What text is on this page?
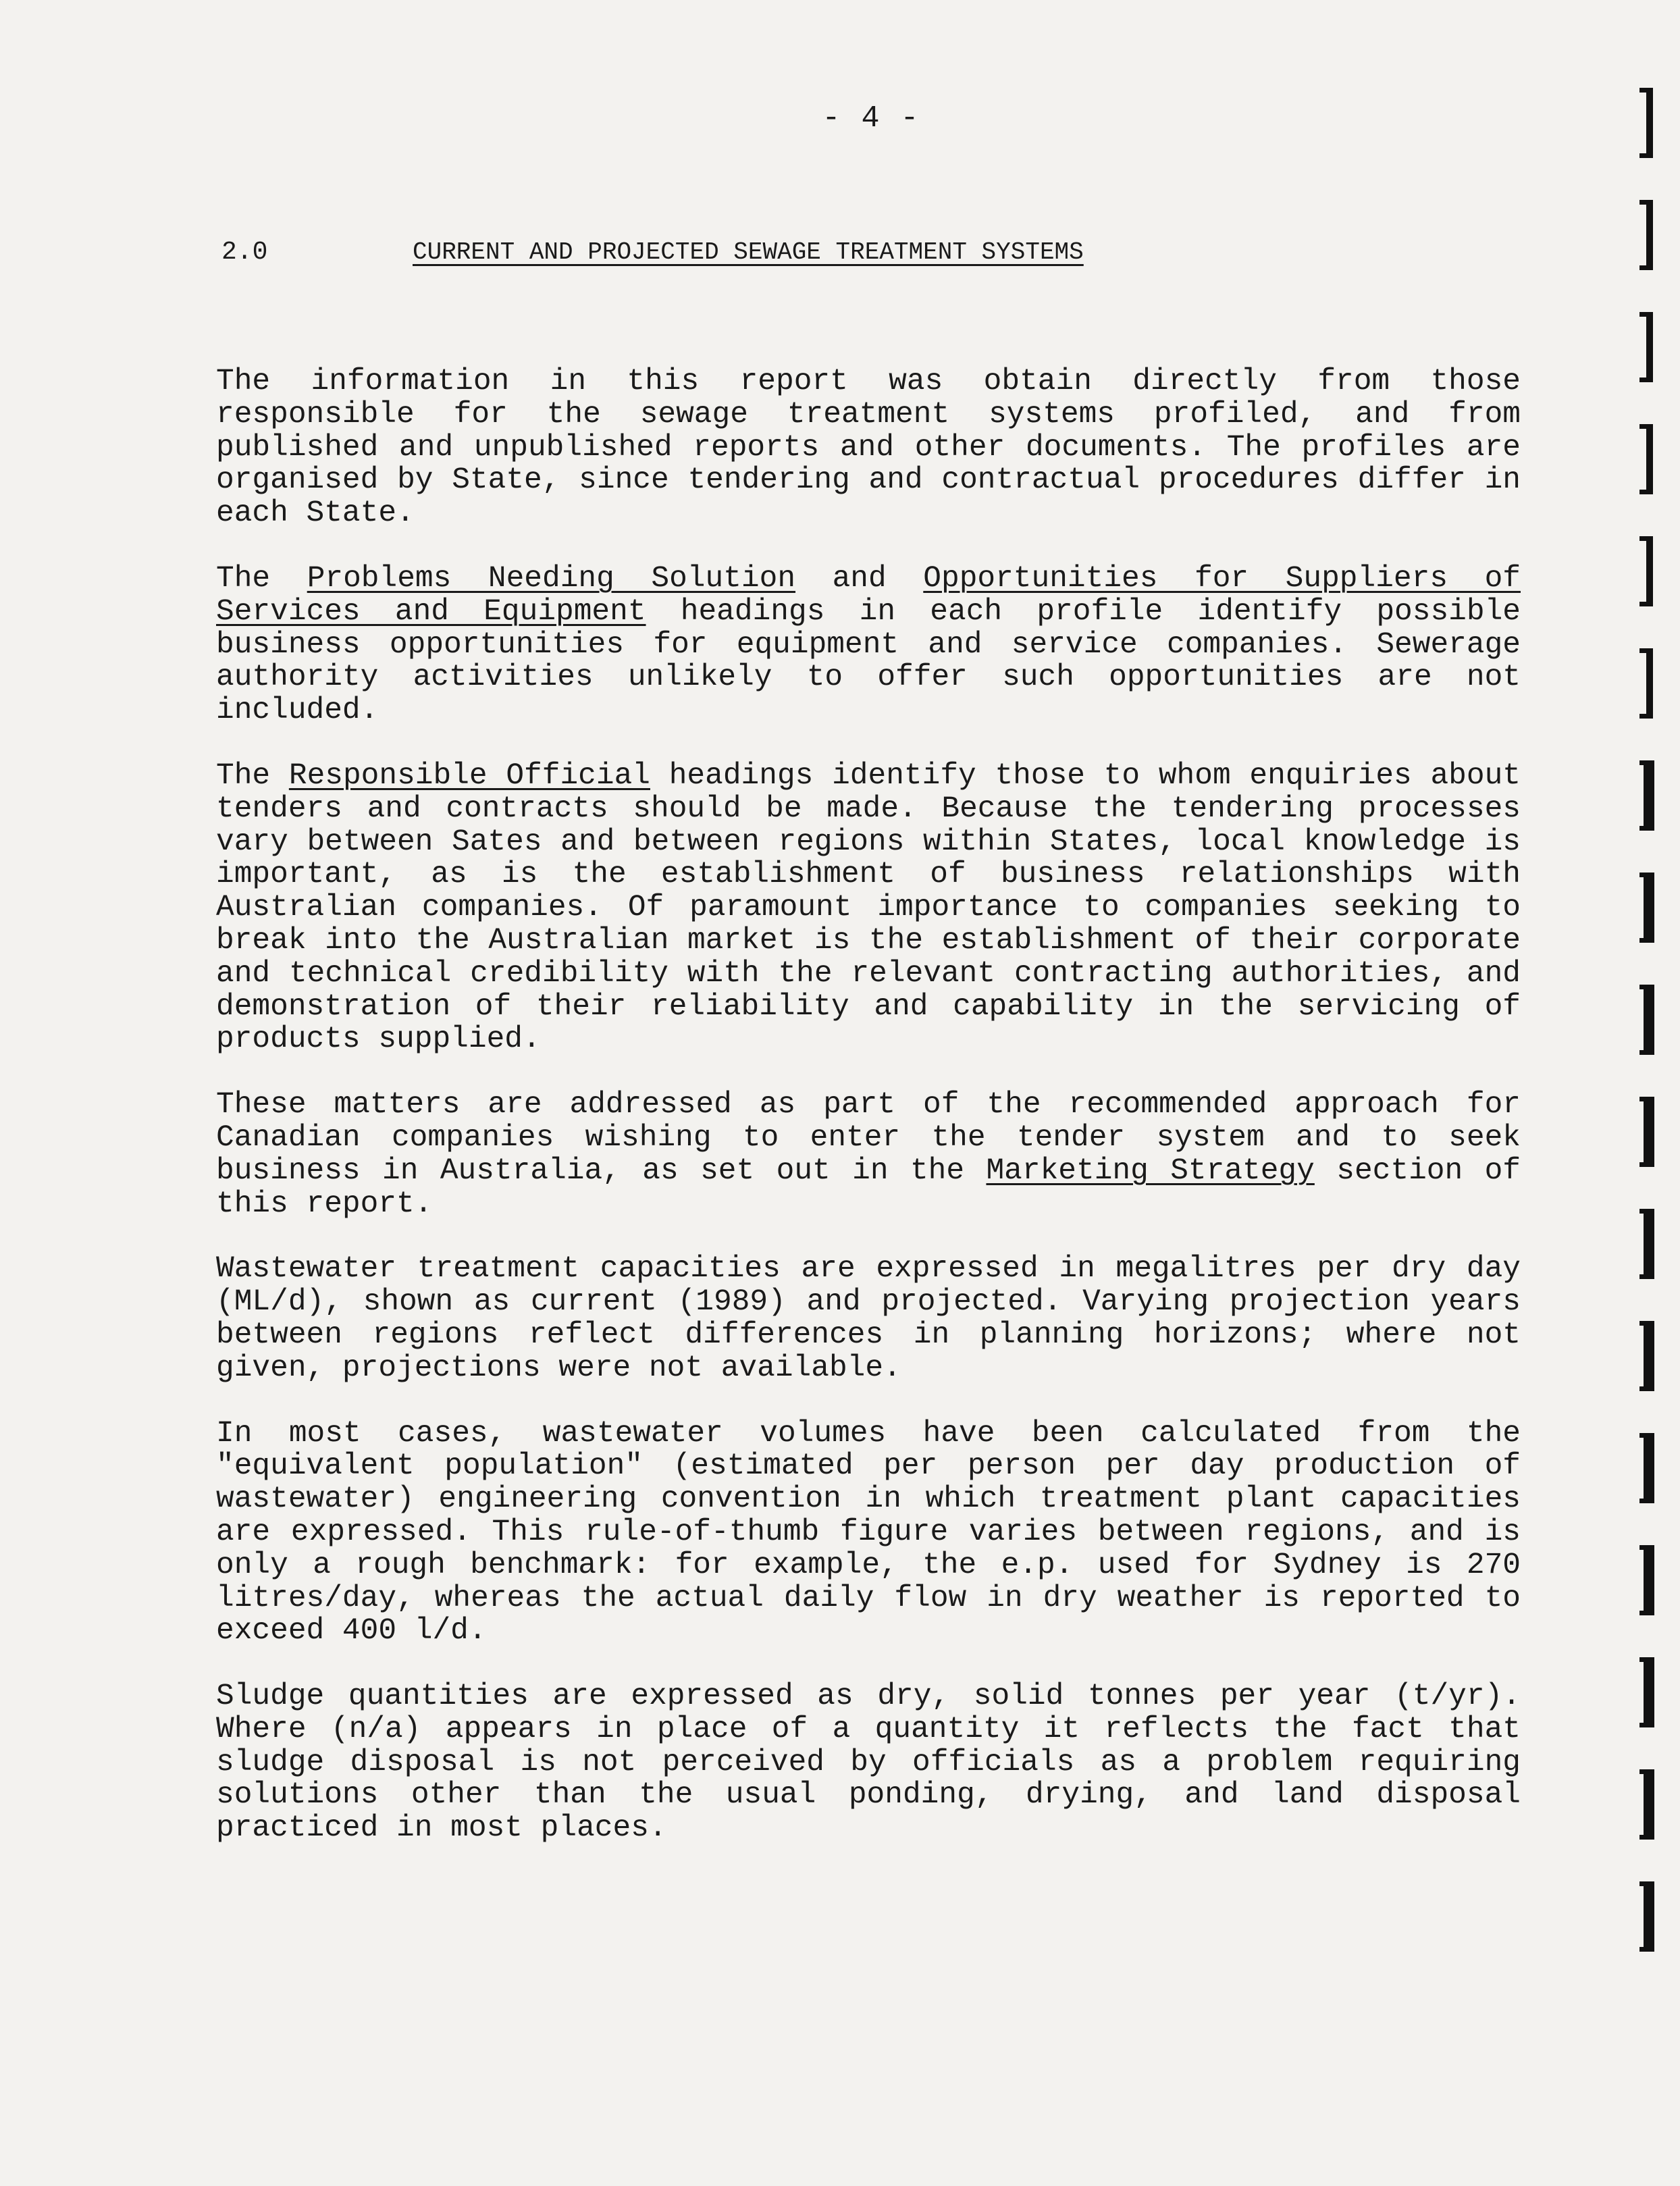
- 4 -
2.0	CURRENT AND PROJECTED SEWAGE TREATMENT SYSTEMS

The information in this report was obtain directly from those responsible for the sewage treatment systems profiled, and from published and unpublished reports and other documents. The profiles are organised by State, since tendering and contractual procedures differ in each State.

The Problems Needing Solution and Opportunities for Suppliers of Services and Equipment headings in each profile identify possible business opportunities for equipment and service companies. Sewerage authority activities unlikely to offer such opportunities are not included.

The Responsible Official headings identify those to whom enquiries about tenders and contracts should be made. Because the tendering processes vary between Sates and between regions within States, local knowledge is important, as is the establishment of business relationships with Australian companies. Of paramount importance to companies seeking to break into the Australian market is the establishment of their corporate and technical credibility with the relevant contracting authorities, and demonstration of their reliability and capability in the servicing of products supplied.

These matters are addressed as part of the recommended approach for Canadian companies wishing to enter the tender system and to seek business in Australia, as set out in the Marketing Strategy section of this report.

Wastewater treatment capacities are expressed in megalitres per dry day (ML/d), shown as current (1989) and projected. Varying projection years between regions reflect differences in planning horizons; where not given, projections were not available.

In most cases, wastewater volumes have been calculated from the "equivalent population" (estimated per person per day production of wastewater) engineering convention in which treatment plant capacities are expressed. This rule-of-thumb figure varies between regions, and is only a rough benchmark: for example, the e.p. used for Sydney is 270 litres/day, whereas the actual daily flow in dry weather is reported to exceed 400 l/d.

Sludge quantities are expressed as dry, solid tonnes per year (t/yr). Where (n/a) appears in place of a quantity it reflects the fact that sludge disposal is not perceived by officials as a problem requiring solutions other than the usual ponding, drying, and land disposal practiced in most places.
